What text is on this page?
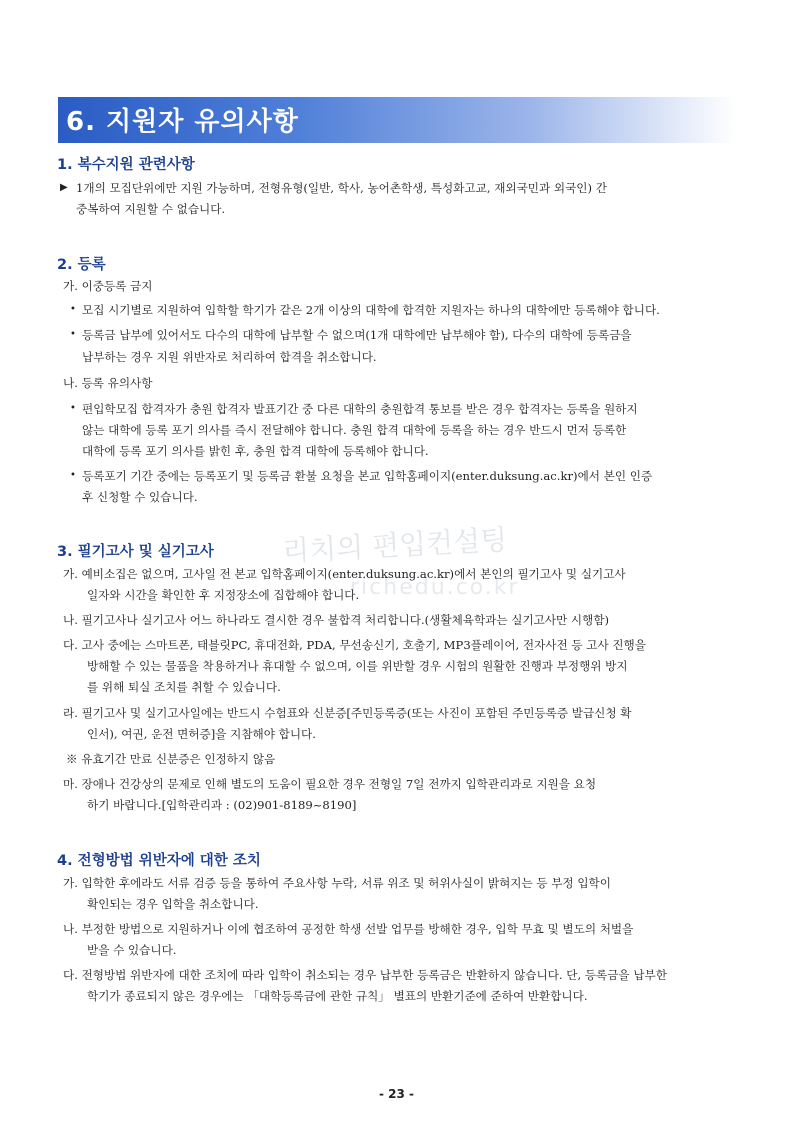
6. 지원자 유의사항
리치의 편입컨설팅
richedu.co.kr
1. 복수지원 관련사항
▶ 1개의 모집단위에만 지원 가능하며, 전형유형(일반, 학사, 농어촌학생, 특성화고교, 재외국민과 외국인) 간
중복하여 지원할 수 없습니다.
2. 등록
가. 이중등록 금지
• 모집 시기별로 지원하여 입학할 학기가 같은 2개 이상의 대학에 합격한 지원자는 하나의 대학에만 등록해야 합니다.
• 등록금 납부에 있어서도 다수의 대학에 납부할 수 없으며(1개 대학에만 납부해야 함), 다수의 대학에 등록금을
납부하는 경우 지원 위반자로 처리하여 합격을 취소합니다.
나. 등록 유의사항
• 편입학모집 합격자가 충원 합격자 발표기간 중 다른 대학의 충원합격 통보를 받은 경우 합격자는 등록을 원하지
않는 대학에 등록 포기 의사를 즉시 전달해야 합니다. 충원 합격 대학에 등록을 하는 경우 반드시 먼저 등록한
대학에 등록 포기 의사를 밝힌 후, 충원 합격 대학에 등록해야 합니다.
• 등록포기 기간 중에는 등록포기 및 등록금 환불 요청을 본교 입학홈페이지(enter.duksung.ac.kr)에서 본인 인증
후 신청할 수 있습니다.
3. 필기고사 및 실기고사
가. 예비소집은 없으며, 고사일 전 본교 입학홈페이지(enter.duksung.ac.kr)에서 본인의 필기고사 및 실기고사
일자와 시간을 확인한 후 지정장소에 집합해야 합니다.
나. 필기고사나 실기고사 어느 하나라도 결시한 경우 불합격 처리합니다.(생활체육학과는 실기고사만 시행함)
다. 고사 중에는 스마트폰, 태블릿PC, 휴대전화, PDA, 무선송신기, 호출기, MP3플레이어, 전자사전 등 고사 진행을
방해할 수 있는 물품을 착용하거나 휴대할 수 없으며, 이를 위반할 경우 시험의 원활한 진행과 부정행위 방지
를 위해 퇴실 조치를 취할 수 있습니다.
라. 필기고사 및 실기고사일에는 반드시 수험표와 신분증[주민등록증(또는 사진이 포함된 주민등록증 발급신청 확
인서), 여권, 운전 면허증]을 지참해야 합니다.
※ 유효기간 만료 신분증은 인정하지 않음
마. 장애나 건강상의 문제로 인해 별도의 도움이 필요한 경우 전형일 7일 전까지 입학관리과로 지원을 요청
하기 바랍니다.[입학관리과 : (02)901-8189~8190]
4. 전형방법 위반자에 대한 조치
가. 입학한 후에라도 서류 검증 등을 통하여 주요사항 누락, 서류 위조 및 허위사실이 밝혀지는 등 부정 입학이
확인되는 경우 입학을 취소합니다.
나. 부정한 방법으로 지원하거나 이에 협조하여 공정한 학생 선발 업무를 방해한 경우, 입학 무효 및 별도의 처벌을
받을 수 있습니다.
다. 전형방법 위반자에 대한 조치에 따라 입학이 취소되는 경우 납부한 등록금은 반환하지 않습니다. 단, 등록금을 납부한
학기가 종료되지 않은 경우에는 「대학등록금에 관한 규칙」 별표의 반환기준에 준하여 반환합니다.
- 23 -
